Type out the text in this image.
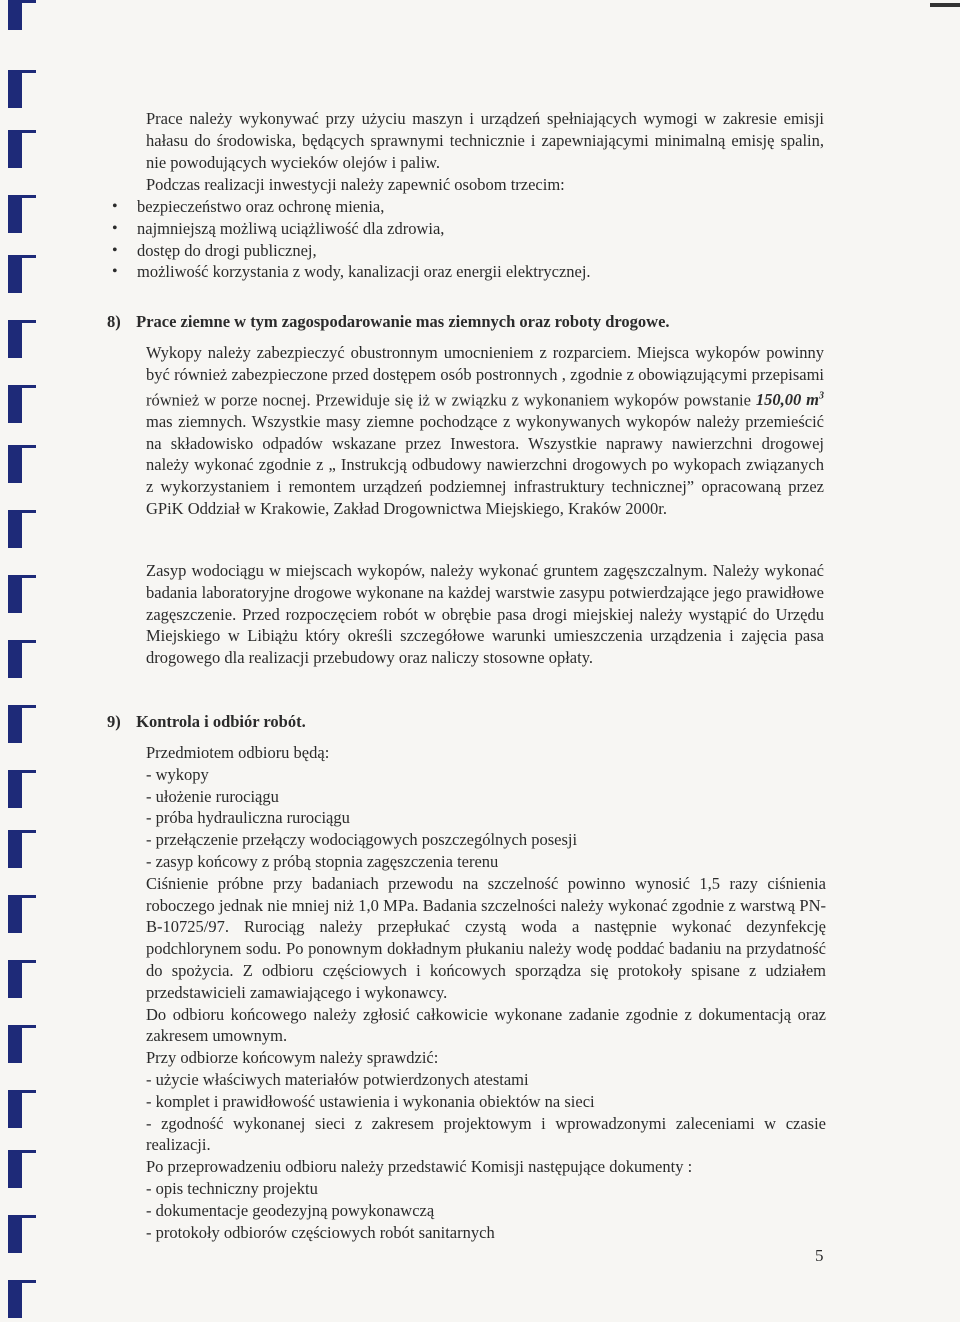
Prace należy wykonywać przy użyciu maszyn i urządzeń spełniających wymogi w zakresie emisji hałasu do środowiska, będących sprawnymi technicznie i zapewniającymi minimalną emisję spalin, nie powodujących wycieków olejów i paliw.

Podczas realizacji inwestycji należy zapewnić osobom trzecim:

• bezpieczeństwo oraz ochronę mienia,
• najmniejszą możliwą uciążliwość dla zdrowia,
• dostęp do drogi publicznej,
• możliwość korzystania z wody, kanalizacji oraz energii elektrycznej.
8) Prace ziemne w tym zagospodarowanie mas ziemnych oraz roboty drogowe.

Wykopy należy zabezpieczyć obustronnym umocnieniem z rozparciem. Miejsca wykopów powinny być również zabezpieczone przed dostępem osób postronnych , zgodnie z obowiązującymi przepisami również w porze nocnej. Przewiduje się iż w związku z wykonaniem wykopów powstanie 150,00 $m^3$ mas ziemnych. Wszystkie masy ziemne pochodzące z wykonywanych wykopów należy przemieścić na składowisko odpadów wskazane przez Inwestora. Wszystkie naprawy nawierzchni drogowej należy wykonać zgodnie z „ Instrukcją odbudowy nawierzchni drogowych po wykopach związanych z wykorzystaniem i remontem urządzeń podziemnej infrastruktury technicznej” opracowaną przez GPiK Oddział w Krakowie, Zakład Drogownictwa Miejskiego, Kraków 2000r.

Zasyp wodociągu w miejscach wykopów, należy wykonać gruntem zagęszczalnym. Należy wykonać badania laboratoryjne drogowe wykonane na każdej warstwie zasypu potwierdzające jego prawidłowe zagęszczenie. Przed rozpoczęciem robót w obrębie pasa drogi miejskiej należy wystąpić do Urzędu Miejskiego w Libiążu który określi szczegółowe warunki umieszczenia urządzenia i zajęcia pasa drogowego dla realizacji przebudowy oraz naliczy stosowne opłaty.

9) Kontrola i odbiór robót.
Przedmiotem odbioru będą:
- wykopy
- ułożenie rurociągu
- próba hydrauliczna rurociągu
- przełączenie przełączy wodociągowych poszczególnych posesji
- zasyp końcowy z próbą stopnia zagęszczenia terenu
Ciśnienie próbne przy badaniach przewodu na szczelność powinno wynosić 1,5 razy ciśnienia roboczego jednak nie mniej niż 1,0 MPa. Badania szczelności należy wykonać zgodnie z warstwą PN-B-10725/97. Rurociąg należy przepłukać czystą woda a następnie wykonać dezynfekcję podchlorynem sodu. Po ponownym dokładnym płukaniu należy wodę poddać badaniu na przydatność do spożycia. Z odbioru częściowych i końcowych sporządza się protokoły spisane z udziałem przedstawicieli zamawiającego i wykonawcy.
Do odbioru końcowego należy zgłosić całkowicie wykonane zadanie zgodnie z dokumentacją oraz zakresem umownym.
Przy odbiorze końcowym należy sprawdzić:
- użycie właściwych materiałów potwierdzonych atestami
- komplet i prawidłowość ustawienia i wykonania obiektów na sieci
- zgodność wykonanej sieci z zakresem projektowym i wprowadzonymi zaleceniami w czasie realizacji.
Po przeprowadzeniu odbioru należy przedstawić Komisji następujące dokumenty :
- opis techniczny projektu
- dokumentacje geodezyjną powykonawczą
- protokoły odbiorów częściowych robót sanitarnych
5
